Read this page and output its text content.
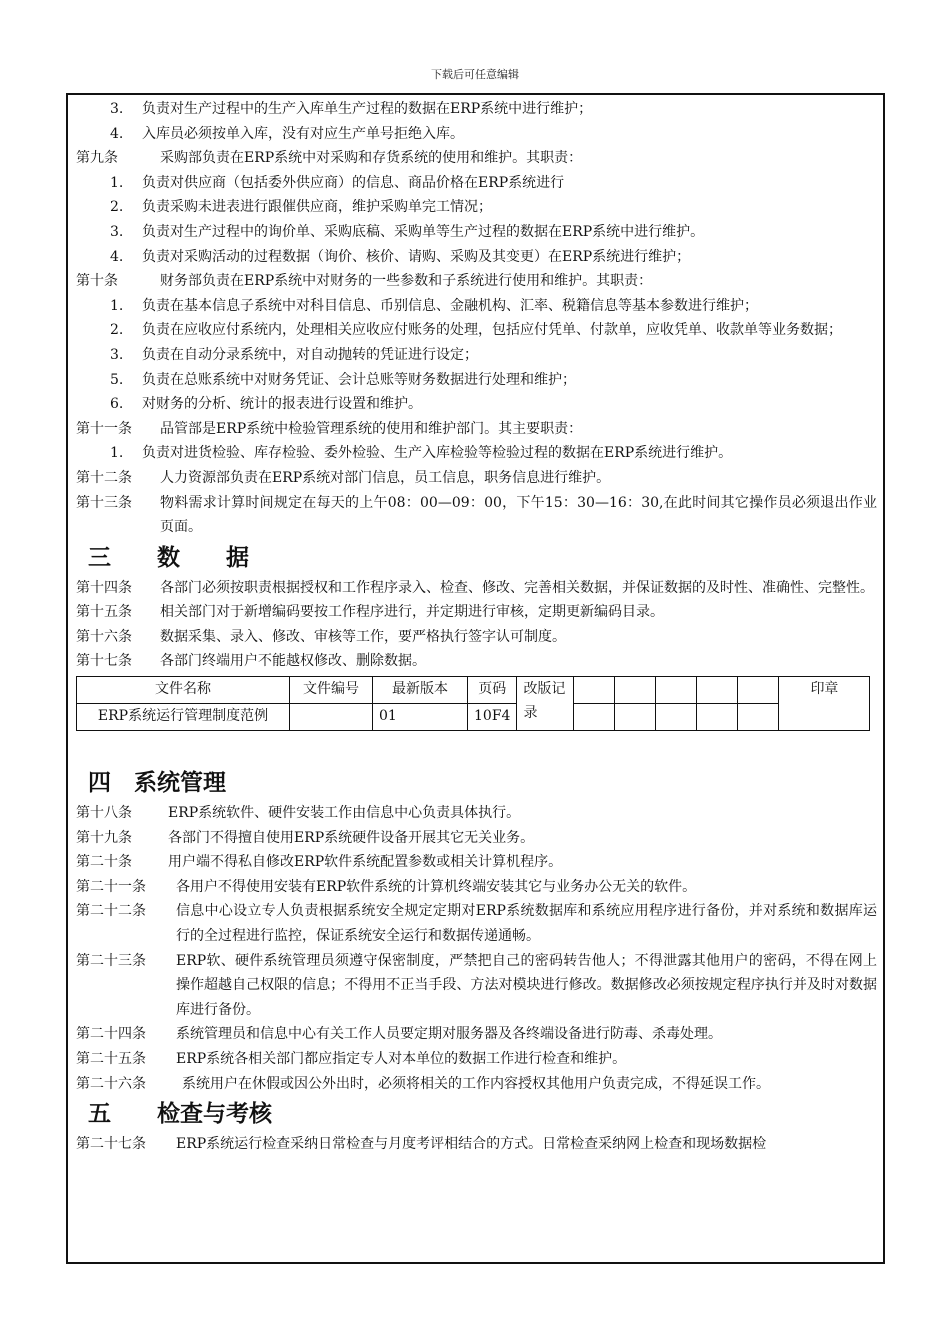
下载后可任意编辑
3. 负责对生产过程中的生产入库单生产过程的数据在ERP系统中进行维护；
4. 入库员必须按单入库，没有对应生产单号拒绝入库。
第九条	采购部负责在ERP系统中对采购和存货系统的使用和维护。其职责：
1. 负责对供应商（包括委外供应商）的信息、商品价格在ERP系统进行
2. 负责采购未进表进行跟催供应商，维护采购单完工情况；
3. 负责对生产过程中的询价单、采购底稿、采购单等生产过程的数据在ERP系统中进行维护。
4. 负责对采购活动的过程数据（询价、核价、请购、采购及其变更）在ERP系统进行维护；
第十条	财务部负责在ERP系统中对财务的一些参数和子系统进行使用和维护。其职责：
1.	负责在基本信息子系统中对科目信息、币别信息、金融机构、汇率、税籍信息等基本参数进行维护；
2.	负责在应收应付系统内，处理相关应收应付账务的处理，包括应付凭单、付款单，应收凭单、收款单等业务数据；
3. 负责在自动分录系统中，对自动抛转的凭证进行设定；
5. 负责在总账系统中对财务凭证、会计总账等财务数据进行处理和维护；
6. 对财务的分析、统计的报表进行设置和维护。
第十一条 品管部是ERP系统中检验管理系统的使用和维护部门。其主要职责：
1. 负责对进货检验、库存检验、委外检验、生产入库检验等检验过程的数据在ERP系统进行维护。
第十二条 人力资源部负责在ERP系统对部门信息，员工信息，职务信息进行维护。
第十三条	物料需求计算时间规定在每天的上午08：00—09：00，下午15：30—16：30,在此时间其它操作员必须退出作业页面。
三　　数　　据
第十四条	各部门必须按职责根据授权和工作程序录入、检查、修改、完善相关数据，并保证数据的及时性、准确性、完整性。
第十五条 相关部门对于新增编码要按工作程序进行，并定期进行审核，定期更新编码目录。
第十六条 数据采集、录入、修改、审核等工作，要严格执行签字认可制度。
第十七条 各部门终端用户不能越权修改、删除数据。
文件名称	文件编号	最新版本	页码	改版记录						印章
ERP系统运行管理制度范例		01	10F4							
四　系统管理
第十八条	ERP系统软件、硬件安装工作由信息中心负责具体执行。
第十九条	各部门不得擅自使用ERP系统硬件设备开展其它无关业务。
第二十条	用户端不得私自修改ERP软件系统配置参数或相关计算机程序。
第二十一条 各用户不得使用安装有ERP软件系统的计算机终端安装其它与业务办公无关的软件。
第二十二条	信息中心设立专人负责根据系统安全规定定期对ERP系统数据库和系统应用程序进行备份，并对系统和数据库运行的全过程进行监控，保证系统安全运行和数据传递通畅。
第二十三条	ERP软、硬件系统管理员须遵守保密制度，严禁把自己的密码转告他人；不得泄露其他用户的密码，不得在网上操作超越自己权限的信息；不得用不正当手段、方法对模块进行修改。数据修改必须按规定程序执行并及时对数据库进行备份。
第二十四条 系统管理员和信息中心有关工作人员要定期对服务器及各终端设备进行防毒、杀毒处理。
第二十五条 ERP系统各相关部门都应指定专人对本单位的数据工作进行检查和维护。
第二十六条	系统用户在休假或因公外出时，必须将相关的工作内容授权其他用户负责完成，不得延误工作。
五　　检查与考核
第二十七条 ERP系统运行检查采纳日常检查与月度考评相结合的方式。日常检查采纳网上检查和现场数据检
